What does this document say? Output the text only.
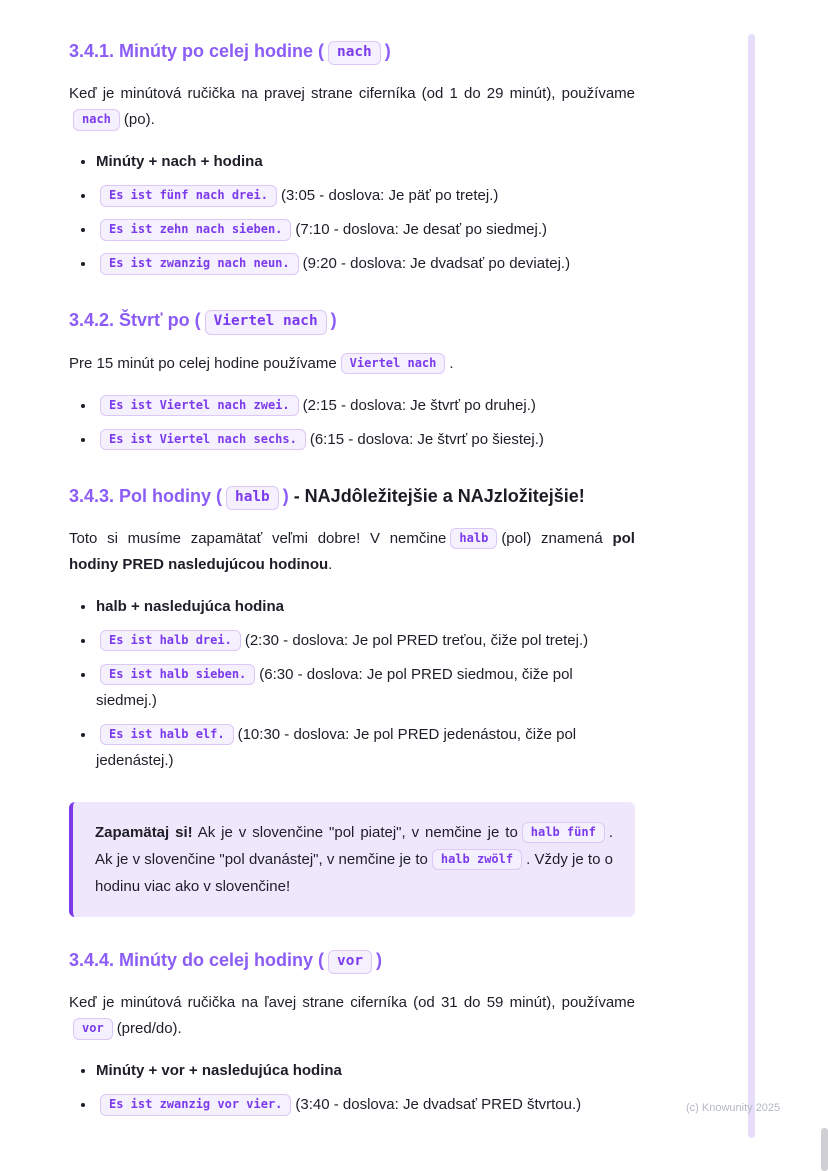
3.4.1. Minúty po celej hodine ( nach )

Keď je minútová ručička na pravej strane ciferníka (od 1 do 29 minút), používamenach (po).

• Minúty + nach + hodina
• Es ist fünf nach drei. (3:05 - doslova: Je päť po tretej.)
• Es ist zehn nach sieben. (7:10 - doslova: Je desať po siedmej.)
• Es ist zwanzig nach neun. (9:20 - doslova: Je dvadsať po deviatej.)
3.4.2. Štvrť po ( Viertel nach )

Pre 15 minút po celej hodine používame Viertel nach .

• Es ist Viertel nach zwei. (2:15 - doslova: Je štvrť po druhej.)
• Es ist Viertel nach sechs. (6:15 - doslova: Je štvrť po šiestej.)
3.4.3. Pol hodiny ( halb ) - NAJdôležitejšie a NAJzložitejšie!

Toto si musíme zapamätať veľmi dobre! V nemčine halb (pol) znamená pol hodiny PRED nasledujúcou hodinou.

• halb + nasledujúca hodina
• Es ist halb drei. (2:30 - doslova: Je pol PRED treťou, čiže pol tretej.)
• Es ist halb sieben. (6:30 - doslova: Je pol PRED siedmou, čiže pol siedmej.)
• Es ist halb elf. (10:30 - doslova: Je pol PRED jedenástou, čiže pol jedenástej.)
Zapamätaj si! Ak je v slovenčine "pol piatej", v nemčine je to halb fünf . Ak je v slovenčine "pol dvanástej", v nemčine je to halb zwölf . Vždy je to o hodinu viac ako v slovenčine!
3.4.4. Minúty do celej hodiny ( vor )

Keď je minútová ručička na ľavej strane ciferníka (od 31 do 59 minút), používamevor (pred/do).

• Minúty + vor + nasledujúca hodina
• Es ist zwanzig vor vier. (3:40 - doslova: Je dvadsať PRED štvrtou.)	(c) Knowunity 2025
